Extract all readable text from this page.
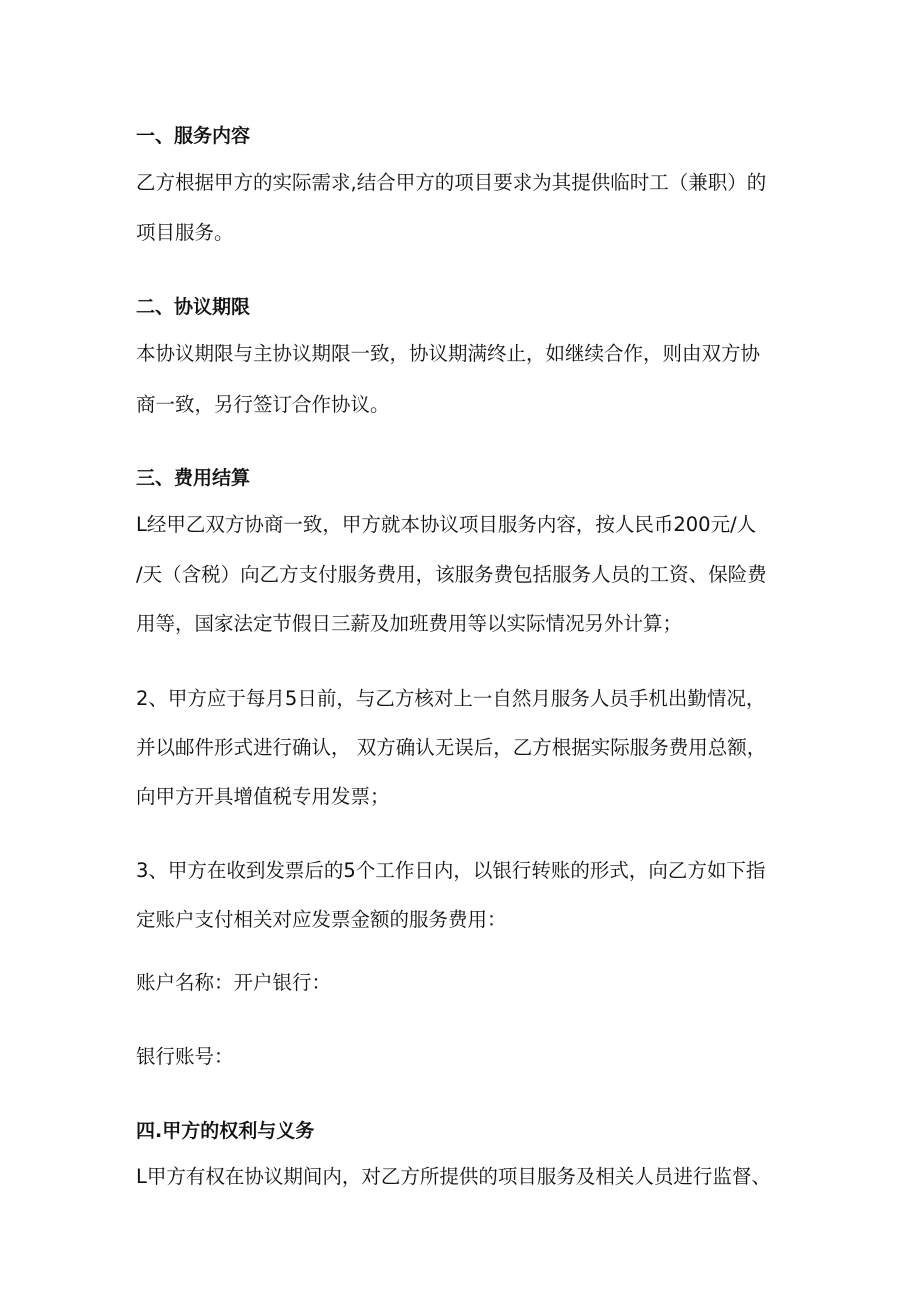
一、服务内容
乙方根据甲方的实际需求,结合甲方的项目要求为其提供临时工（兼职）的
项目服务。
二、协议期限
本协议期限与主协议期限一致，协议期满终止，如继续合作，则由双方协
商一致，另行签订合作协议。
三、费用结算
L经甲乙双方协商一致，甲方就本协议项目服务内容，按人民币200元/人
/天（含税）向乙方支付服务费用，该服务费包括服务人员的工资、保险费
用等，国家法定节假日三薪及加班费用等以实际情况另外计算；
2、甲方应于每月5日前，与乙方核对上一自然月服务人员手机出勤情况，
并以邮件形式进行确认， 双方确认无误后，乙方根据实际服务费用总额，
向甲方开具增值税专用发票；
3、甲方在收到发票后的5个工作日内，以银行转账的形式，向乙方如下指
定账户支付相关对应发票金额的服务费用：
账户名称：开户银行：
银行账号：
四.甲方的权利与义务
L甲方有权在协议期间内，对乙方所提供的项目服务及相关人员进行监督、
